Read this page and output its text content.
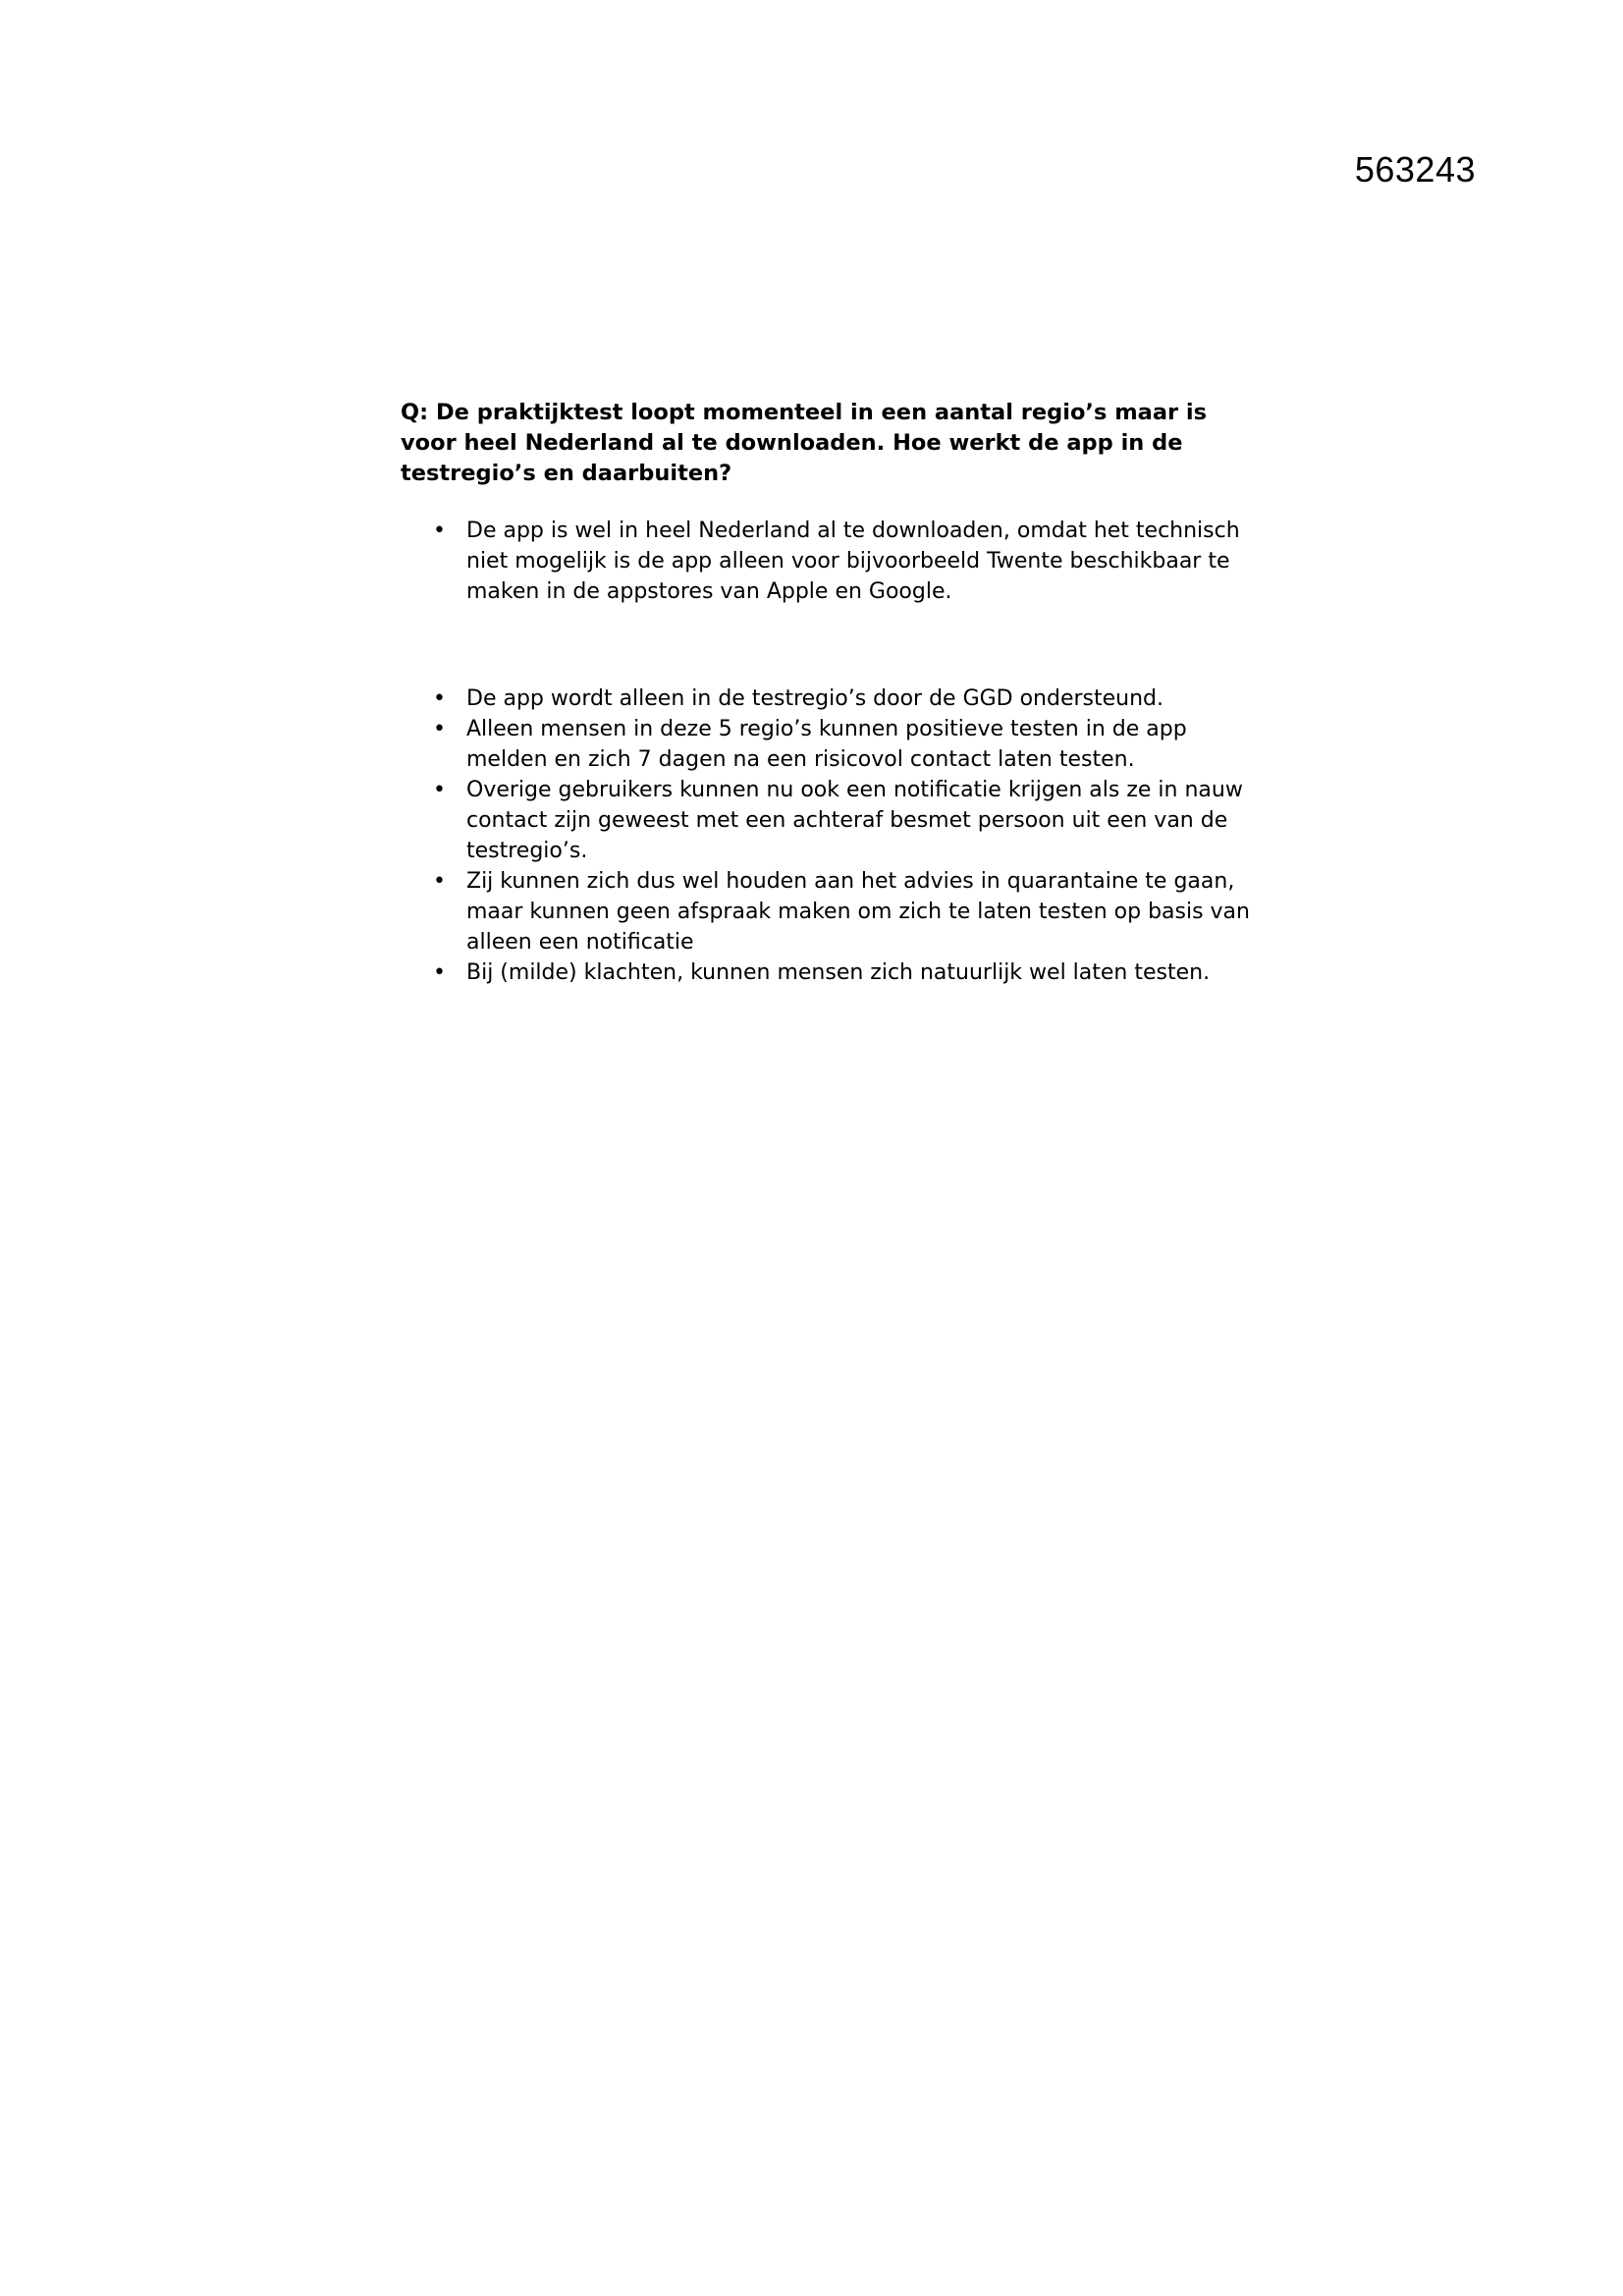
563243

Q: De praktijktest loopt momenteel in een aantal regio’s maar is voor heel Nederland al te downloaden. Hoe werkt de app in de testregio’s en daarbuiten?

• De app is wel in heel Nederland al te downloaden, omdat het technisch niet mogelijk is de app alleen voor bijvoorbeeld Twente beschikbaar te maken in de appstores van Apple en Google.
• De app wordt alleen in de testregio’s door de GGD ondersteund.
• Alleen mensen in deze 5 regio’s kunnen positieve testen in de app melden en zich 7 dagen na een risicovol contact laten testen.
• Overige gebruikers kunnen nu ook een notificatie krijgen als ze in nauw contact zijn geweest met een achteraf besmet persoon uit een van de testregio’s.
• Zij kunnen zich dus wel houden aan het advies in quarantaine te gaan, maar kunnen geen afspraak maken om zich te laten testen op basis van alleen een notificatie
• Bij (milde) klachten, kunnen mensen zich natuurlijk wel laten testen.
